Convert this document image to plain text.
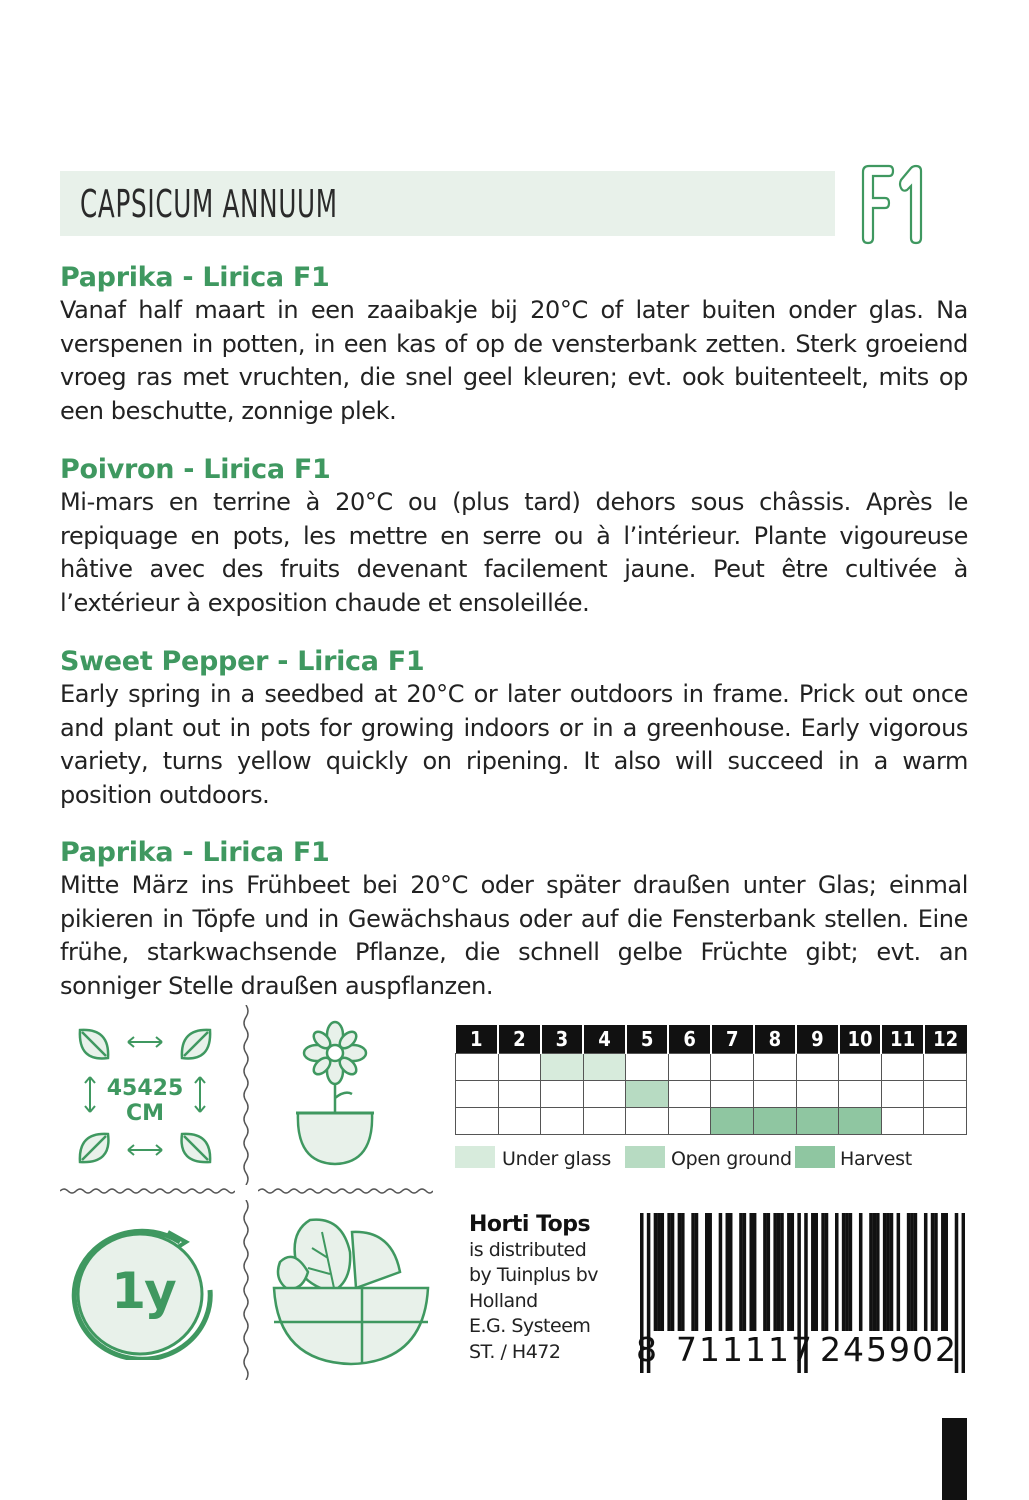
CAPSICUM ANNUUM

Paprika - Lirica F1

Vanaf half maart in een zaaibakje bij 20°C of later buiten onder glas. Na verspenen in potten, in een kas of op de vensterbank zetten. Sterk groeiend vroeg ras met vruchten, die snel geel kleuren; evt. ook buitenteelt, mits op een beschutte, zonnige plek.

Poivron - Lirica F1

Mi-mars en terrine à 20°C ou (plus tard) dehors sous châssis. Après le repiquage en pots, les mettre en serre ou à l’intérieur. Plante vigoureuse hâtive avec des fruits devenant facilement jaune. Peut être cultivée à l’extérieur à exposition chaude et ensoleillée.

Sweet Pepper - Lirica F1

Early spring in a seedbed at 20°C or later outdoors in frame. Prick out once and plant out in pots for growing indoors or in a greenhouse. Early vigorous variety, turns yellow quickly on ripening. It also will succeed in a warm position outdoors.

Paprika - Lirica F1

Mitte März ins Frühbeet bei 20°C oder später draußen unter Glas; einmal pikieren in Töpfe und in Gewächshaus oder auf die Fensterbank stellen. Eine frühe, starkwachsende Pflanze, die schnell gelbe Früchte gibt; evt. an sonniger Stelle draußen auspflanzen.

45425
CM
1y
1	2	3	4	5	6	7	8	9	10	11	12

Under glass	Open ground	Harvest
Horti Tops
is distributed
by Tuinplus bv
Holland
E.G. Systeem
ST. / H472	8 711117 245902
